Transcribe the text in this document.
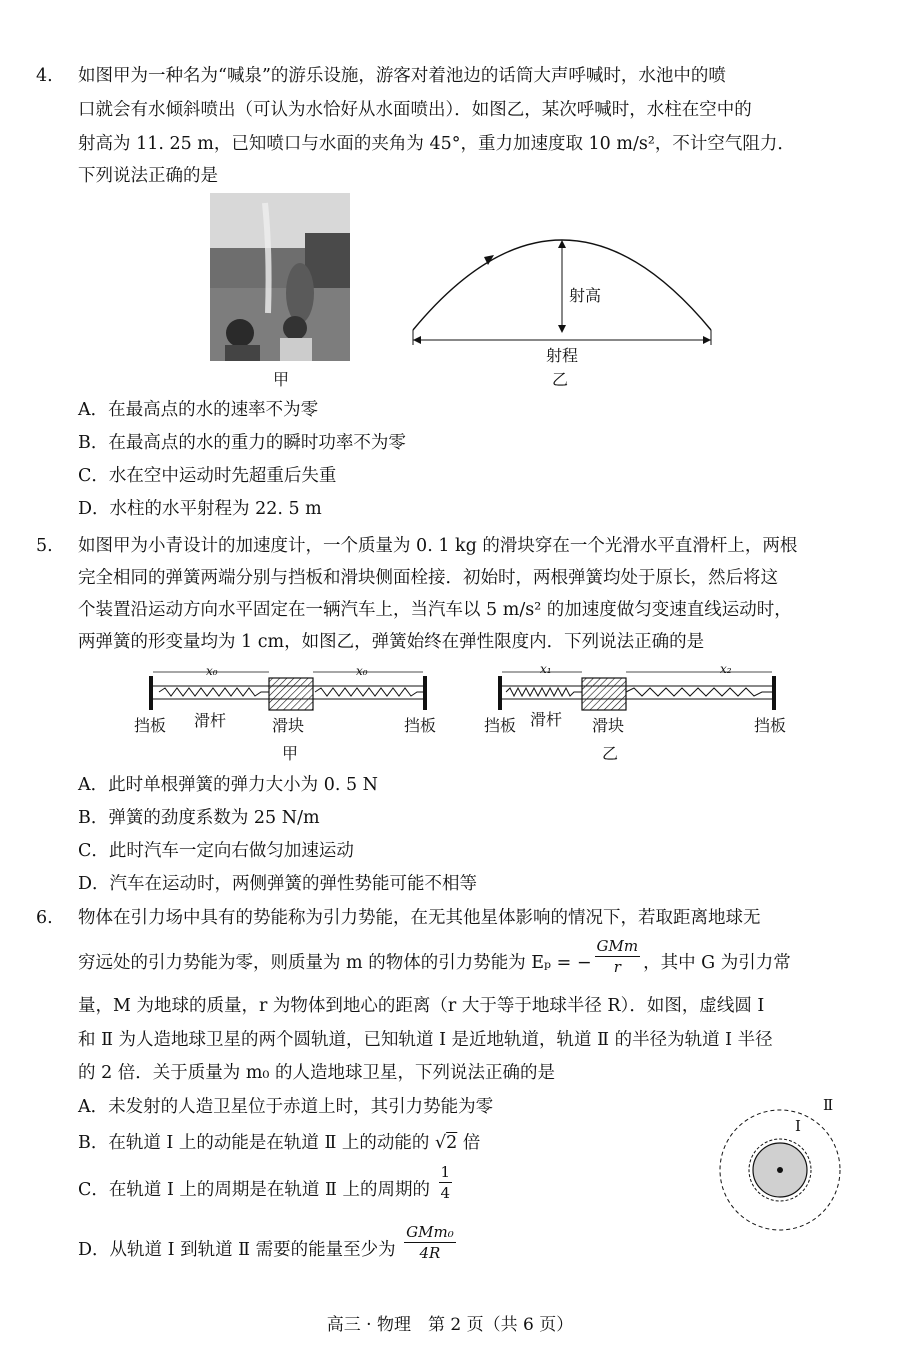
4. 如图甲为一种名为“喊泉”的游乐设施，游客对着池边的话筒大声呼喊时，水池中的喷
口就会有水倾斜喷出（可认为水恰好从水面喷出）．如图乙，某次呼喊时，水柱在空中的
射高为 11. 25 m，已知喷口与水面的夹角为 45°，重力加速度取 10 m/s²，不计空气阻力．
下列说法正确的是
甲
射高
射程
乙
A．在最高点的水的速率不为零
B．在最高点的水的重力的瞬时功率不为零
C．水在空中运动时先超重后失重
D．水柱的水平射程为 22. 5 m
5. 如图甲为小青设计的加速度计，一个质量为 0. 1 kg 的滑块穿在一个光滑水平直滑杆上，两根
完全相同的弹簧两端分别与挡板和滑块侧面栓接．初始时，两根弹簧均处于原长，然后将这
个装置沿运动方向水平固定在一辆汽车上，当汽车以 5 m/s² 的加速度做匀变速直线运动时，
两弹簧的形变量均为 1 cm，如图乙，弹簧始终在弹性限度内．下列说法正确的是
x₀	x₀
挡板 滑杆	滑块	挡板
甲
x₁	x₂
挡板 滑杆 滑块	挡板
乙
A．此时单根弹簧的弹力大小为 0. 5 N
B．弹簧的劲度系数为 25 N/m
C．此时汽车一定向右做匀加速运动
D．汽车在运动时，两侧弹簧的弹性势能可能不相等
6. 物体在引力场中具有的势能称为引力势能，在无其他星体影响的情况下，若取距离地球无
穷远处的引力势能为零，则质量为 m 的物体的引力势能为 Eₚ = − $\frac{\text{GMm}}{r}$ ，其中 G 为引力常
量，M 为地球的质量，r 为物体到地心的距离（r 大于等于地球半径 R）．如图，虚线圆 Ⅰ
和 Ⅱ 为人造地球卫星的两个圆轨道，已知轨道 Ⅰ 是近地轨道，轨道 Ⅱ 的半径为轨道 Ⅰ 半径
的 2 倍．关于质量为 m₀ 的人造地球卫星，下列说法正确的是
A．未发射的人造卫星位于赤道上时，其引力势能为零
B．在轨道 Ⅰ 上的动能是在轨道 Ⅱ 上的动能的 √2 倍
C．在轨道 Ⅰ 上的周期是在轨道 Ⅱ 上的周期的 $\frac{1}{4}$
D．从轨道 Ⅰ 到轨道 Ⅱ 需要的能量至少为 $\frac{\text{GMm₀}}{4R}$
Ⅰ
Ⅱ
高三 · 物理　第 2 页（共 6 页）
